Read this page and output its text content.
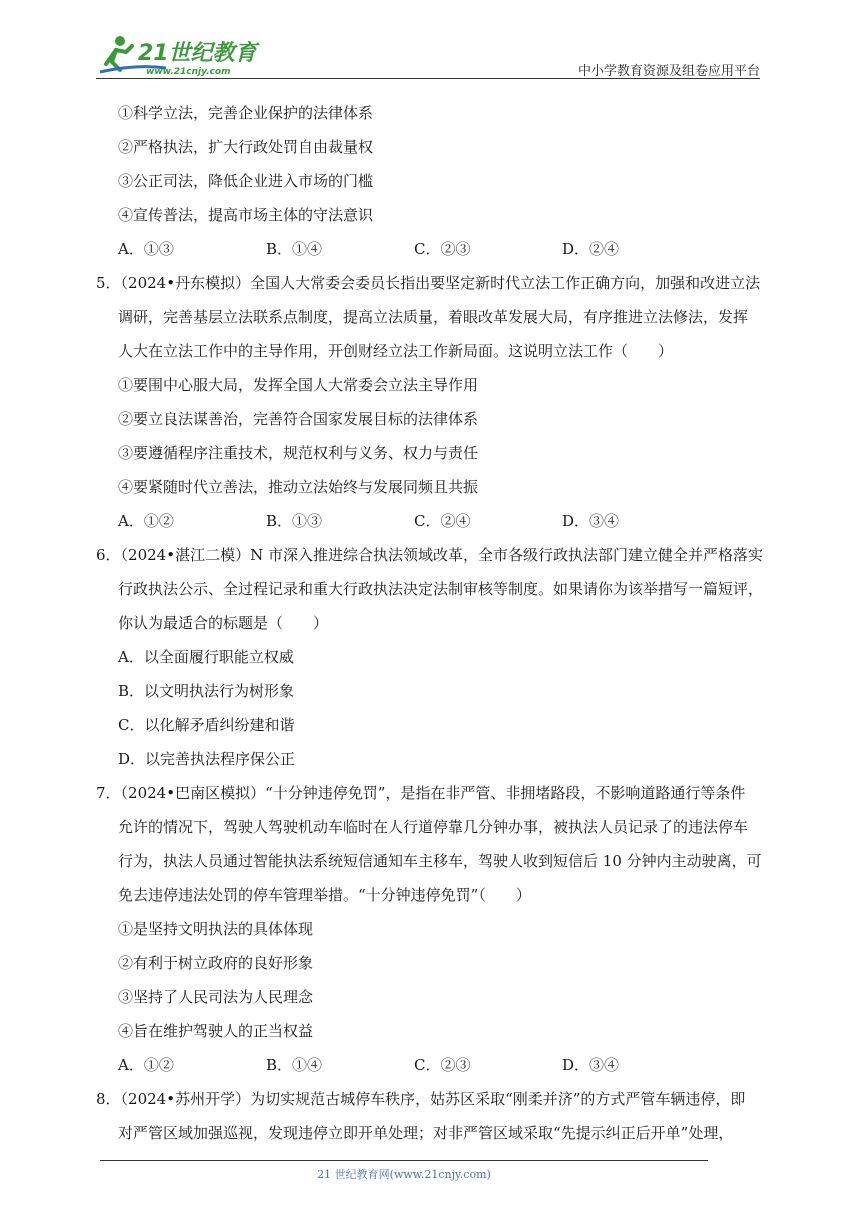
21世纪教育
www.21cnjy.com	中小学教育资源及组卷应用平台
①科学立法，完善企业保护的法律体系
②严格执法，扩大行政处罚自由裁量权
③公正司法，降低企业进入市场的门槛
④宣传普法，提高市场主体的守法意识
A．①③	B．①④	C．②③	D．②④
5．（2024•丹东模拟）全国人大常委会委员长指出要坚定新时代立法工作正确方向，加强和改进立法
调研，完善基层立法联系点制度，提高立法质量，着眼改革发展大局，有序推进立法修法，发挥
人大在立法工作中的主导作用，开创财经立法工作新局面。这说明立法工作（　　）
①要围中心服大局，发挥全国人大常委会立法主导作用
②要立良法谋善治，完善符合国家发展目标的法律体系
③要遵循程序注重技术，规范权利与义务、权力与责任
④要紧随时代立善法，推动立法始终与发展同频且共振
A．①②	B．①③	C．②④	D．③④
6．（2024•湛江二模）N 市深入推进综合执法领域改革，全市各级行政执法部门建立健全并严格落实
行政执法公示、全过程记录和重大行政执法决定法制审核等制度。如果请你为该举措写一篇短评，
你认为最适合的标题是（　　）
A．以全面履行职能立权威
B．以文明执法行为树形象
C．以化解矛盾纠纷建和谐
D．以完善执法程序保公正
7．（2024•巴南区模拟）“十分钟违停免罚”，是指在非严管、非拥堵路段，不影响道路通行等条件
允许的情况下，驾驶人驾驶机动车临时在人行道停靠几分钟办事，被执法人员记录了的违法停车
行为，执法人员通过智能执法系统短信通知车主移车，驾驶人收到短信后 10 分钟内主动驶离，可
免去违停违法处罚的停车管理举措。“十分钟违停免罚”（　　）
①是坚持文明执法的具体体现
②有利于树立政府的良好形象
③坚持了人民司法为人民理念
④旨在维护驾驶人的正当权益
A．①②	B．①④	C．②③	D．③④
8．（2024•苏州开学）为切实规范古城停车秩序，姑苏区采取“刚柔并济”的方式严管车辆违停，即
对严管区域加强巡视，发现违停立即开单处理；对非严管区域采取“先提示纠正后开单”处理，
21 世纪教育网(www.21cnjy.com)
